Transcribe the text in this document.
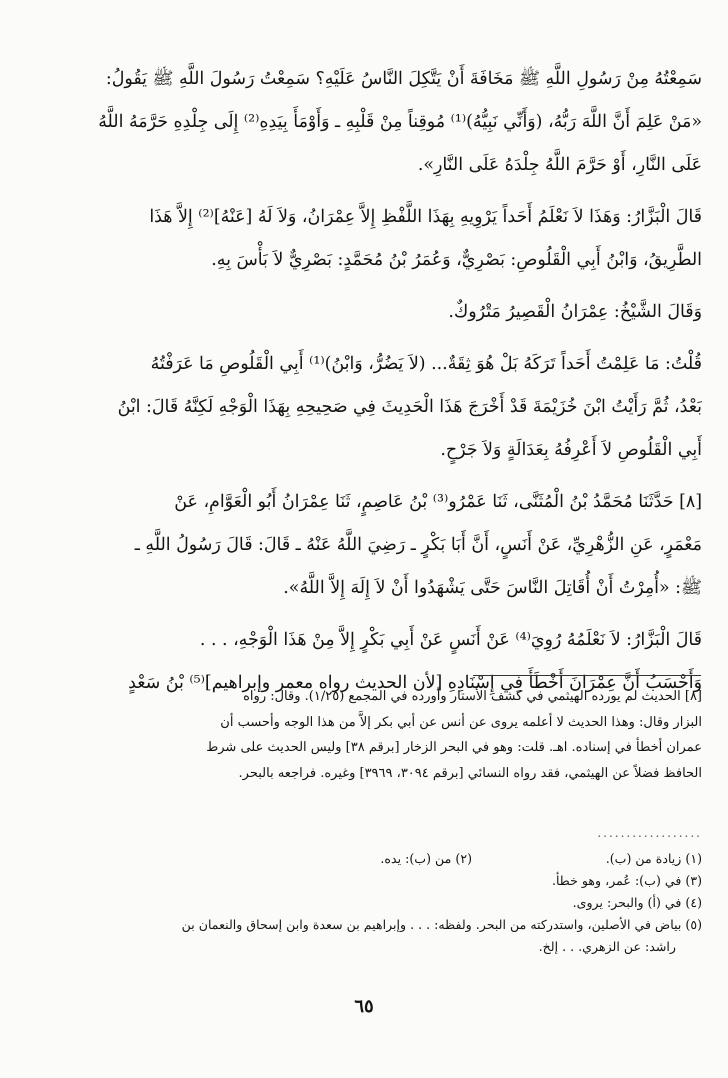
سَمِعْتُهُ مِنْ رَسُولِ اللَّهِ ﷺ مَخَافَةَ أَنْ يَتَّكِلَ النَّاسُ عَلَيْهِ؟ سَمِعْتُ رَسُولَ اللَّهِ ﷺ يَقُولُ:
«مَنْ عَلِمَ أَنَّ اللَّهَ رَبُّهُ، (وَأَنِّي نَبِيُّهُ)⁽¹⁾ مُوقِناً مِنْ قَلْبِهِ ـ وَأَوْمَأَ بِيَدِهِ⁽²⁾ إِلَى جِلْدِهِ حَرَّمَهُ اللَّهُ
عَلَى النَّارِ، أَوْ حَرَّمَ اللَّهُ جِلْدَهُ عَلَى النَّارِ».

قَالَ الْبَزَّارُ: وَهَذَا لاَ نَعْلَمُ أَحَداً يَرْوِيهِ بِهَذَا اللَّفْظِ إِلاَّ عِمْرَانُ، وَلاَ لَهُ [عَنْهُ]⁽²⁾ إِلاَّ هَذَا
الطَّرِيقُ، وَابْنُ أَبِي الْقَلُوصِ: بَصْرِيٌّ، وَعُمَرُ بْنُ مُحَمَّدٍ: بَصْرِيٌّ لاَ بَأْسَ بِهِ.

وَقَالَ الشَّيْخُ: عِمْرَانُ الْقَصِيرُ مَتْرُوكٌ.

قُلْتُ: مَا عَلِمْتُ أَحَداً تَرَكَهُ بَلْ هُوَ ثِقَةٌ... (لاَ يَضُرُّ، وَابْنُ)⁽¹⁾ أَبِي الْقَلُوصِ مَا عَرَفْتُهُ
بَعْدُ، ثُمَّ رَأَيْتُ ابْنَ خُزَيْمَةَ قَدْ أَخْرَجَ هَذَا الْحَدِيثَ فِي صَحِيحِهِ بِهَذَا الْوَجْهِ لَكِنَّهُ قَالَ: ابْنُ
أَبِي الْقَلُوصِ لاَ أَعْرِفُهُ بِعَدَالَةٍ وَلاَ جَرْحٍ.

[٨] حَدَّثَنَا مُحَمَّدُ بْنُ الْمُثَنَّى، ثَنَا عَمْرُو⁽³⁾ بْنُ عَاصِمٍ، ثَنَا عِمْرَانُ أَبُو الْعَوَّامِ، عَنْ
مَعْمَرٍ، عَنِ الزُّهْرِيِّ، عَنْ أَنَسٍ، أَنَّ أَبَا بَكْرٍ ـ رَضِيَ اللَّهُ عَنْهُ ـ قَالَ: قَالَ رَسُولُ اللَّهِ ـ
ﷺ: «أُمِرْتُ أَنْ أُقَاتِلَ النَّاسَ حَتَّى يَشْهَدُوا أَنْ لاَ إِلَهَ إِلاَّ اللَّهُ».

قَالَ الْبَزَّارُ: لاَ نَعْلَمُهُ رُوِيَ⁽⁴⁾ عَنْ أَنَسٍ عَنْ أَبِي بَكْرٍ إِلاَّ مِنْ هَذَا الْوَجْهِ، . . .
وَأَحْسَبُ أَنَّ عِمْرَانَ أَخْطَأَ فِي إِسْنَادِهِ [لأن الحديث رواه معمر وإبراهيم]⁽⁵⁾ بْنُ سَعْدٍ

[٨] الحديث لم يورده الهيثمي في كشف الأستار وأورده في المجمع (١/٢٥). وقال: رواه
البزار وقال: وهذا الحديث لا أعلمه يروى عن أنس عن أبي بكر إلاَّ من هذا الوجه وأحسب أن
عمران أخطأ في إسناده. اهـ. قلت: وهو في البحر الزخار [برقم ٣٨] وليس الحديث على شرط
الحافظ فضلاً عن الهيثمي، فقد رواه النسائي [برقم ٣٠٩٤، ٣٩٦٩] وغيره. فراجعه بالبحر.
..................
(١) زيادة من (ب).
(٢) من (ب): يده.
(٣) في (ب): عُمر، وهو خطأ.
(٤) في (أ) والبحر: يروى.
(٥) بياض في الأصلين، واستدركته من البحر. ولفظه: . . . وإبراهيم بن سعدة وابن إسحاق والنعمان بن
راشد: عن الزهري. . . إلخ.
٦٥
